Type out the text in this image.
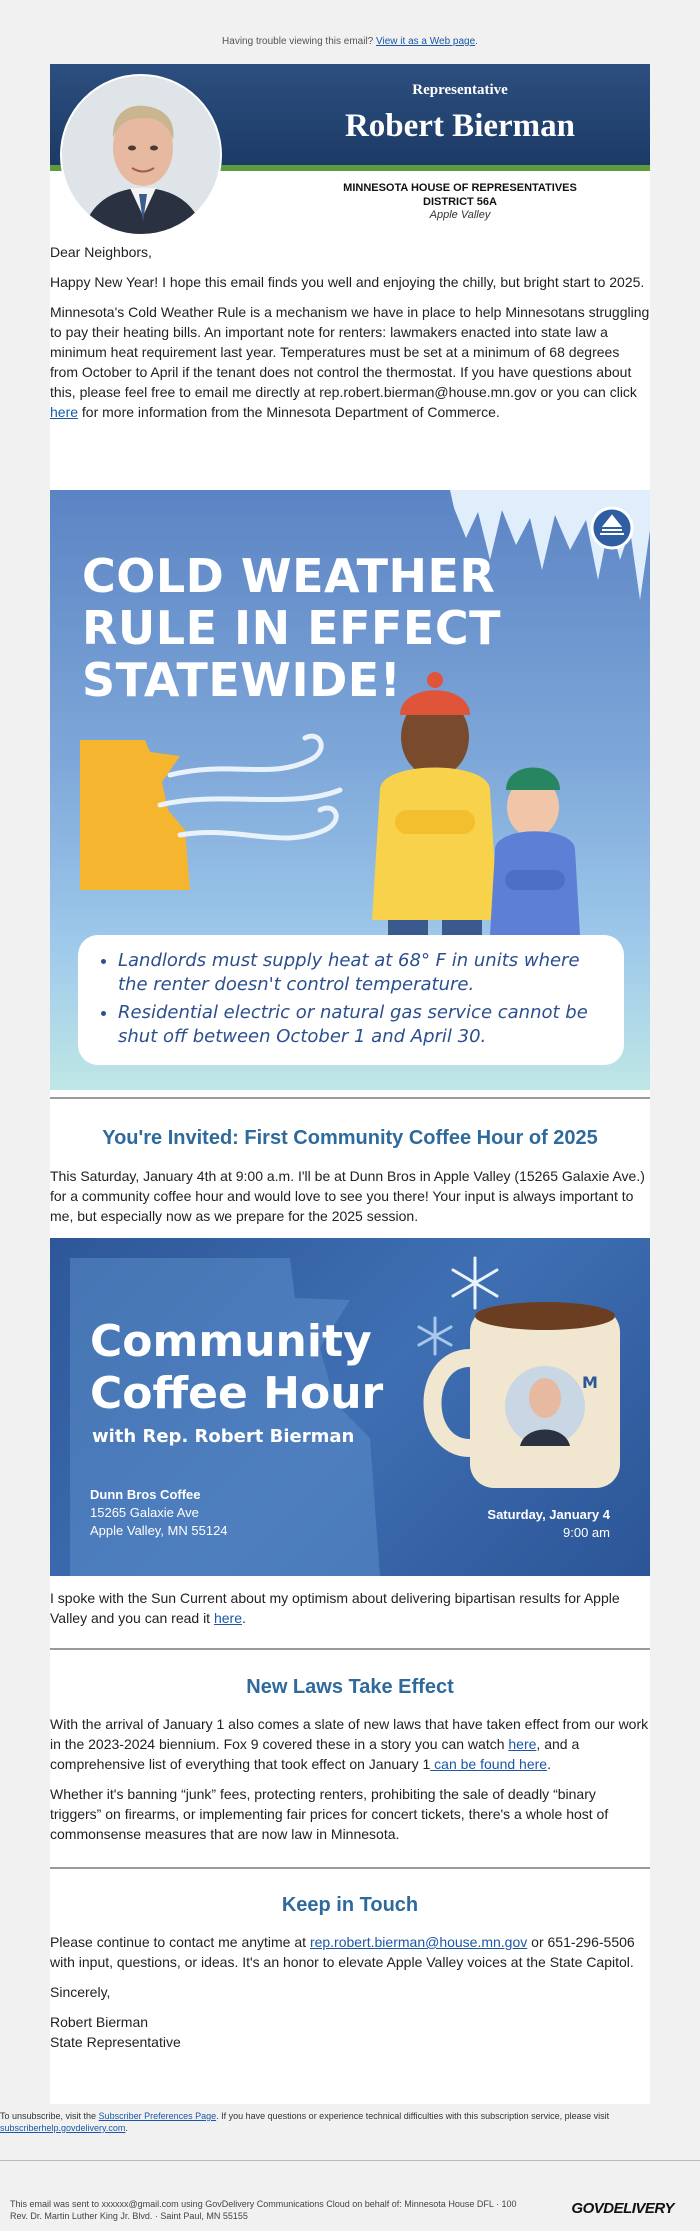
Having trouble viewing this email? View it as a Web page.
Representative
Robert Bierman
MINNESOTA HOUSE OF REPRESENTATIVES
DISTRICT 56A
Apple Valley

Dear Neighbors,

Happy New Year! I hope this email finds you well and enjoying the chilly, but bright start to 2025.

Minnesota's Cold Weather Rule is a mechanism we have in place to help Minnesotans struggling to pay their heating bills. An important note for renters: lawmakers enacted into state law a minimum heat requirement last year. Temperatures must be set at a minimum of 68 degrees from October to April if the tenant does not control the thermostat. If you have questions about this, please feel free to email me directly at rep.robert.bierman@house.mn.gov or you can click here for more information from the Minnesota Department of Commerce.

COLD WEATHER
RULE IN EFFECT
STATEWIDE!
• Landlords must supply heat at 68° F in units where the renter doesn't control temperature.
• Residential electric or natural gas service cannot be shut off between October 1 and April 30.
You're Invited: First Community Coffee Hour of 2025

This Saturday, January 4th at 9:00 a.m. I'll be at Dunn Bros in Apple Valley (15265 Galaxie Ave.) for a community coffee hour and would love to see you there! Your input is always important to me, but especially now as we prepare for the 2025 session.

M
Community
Coffee Hour
with Rep. Robert Bierman
Dunn Bros Coffee
15265 Galaxie Ave
Apple Valley, MN 55124
Saturday, January 4
9:00 am

I spoke with the Sun Current about my optimism about delivering bipartisan results for Apple Valley and you can read it here.

New Laws Take Effect

With the arrival of January 1 also comes a slate of new laws that have taken effect from our work in the 2023-2024 biennium. Fox 9 covered these in a story you can watch here, and a comprehensive list of everything that took effect on January 1 can be found here.

Whether it's banning “junk” fees, protecting renters, prohibiting the sale of deadly “binary triggers” on firearms, or implementing fair prices for concert tickets, there's a whole host of commonsense measures that are now law in Minnesota.

Keep in Touch

Please continue to contact me anytime at rep.robert.bierman@house.mn.gov or 651-296-5506 with input, questions, or ideas. It's an honor to elevate Apple Valley voices at the State Capitol.

Sincerely,

Robert Bierman

State Representative

To unsubscribe, visit the Subscriber Preferences Page. If you have questions or experience technical difficulties with this subscription service, please visit subscriberhelp.govdelivery.com.
This email was sent to xxxxxx@gmail.com using GovDelivery Communications Cloud on behalf of: Minnesota House DFL · 100
Rev. Dr. Martin Luther King Jr. Blvd. · Saint Paul, MN 55155	GOVDELIVERY
